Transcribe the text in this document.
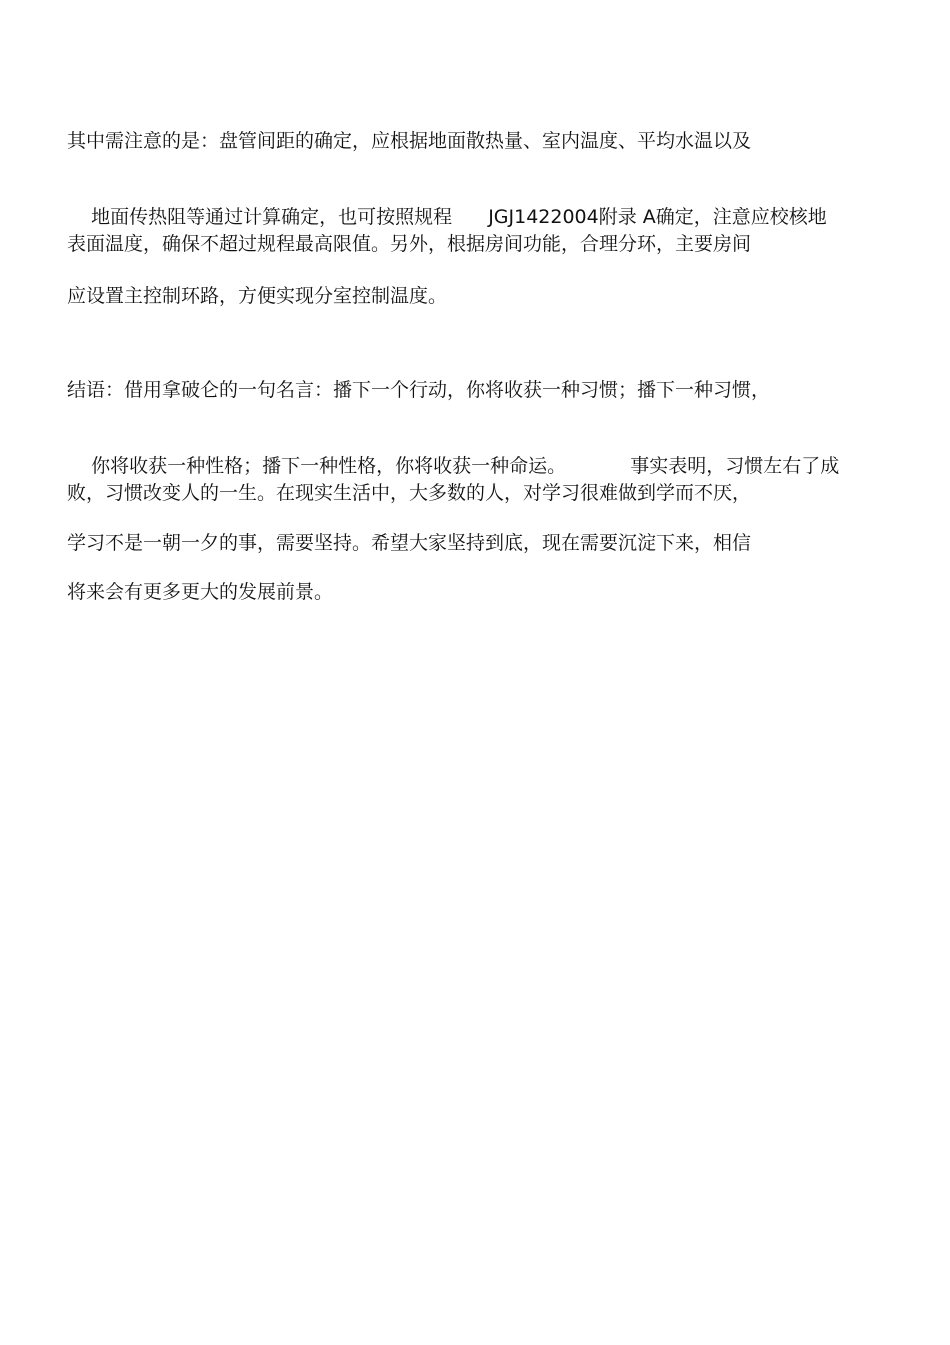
其中需注意的是：盘管间距的确定，应根据地面散热量、室内温度、平均水温以及

地面传热阻等通过计算确定，也可按照规程 JGJ1422004附录 A确定，注意应校核地

表面温度，确保不超过规程最高限值。另外，根据房间功能，合理分环，主要房间
应设置主控制环路，方便实现分室控制温度。
结语：借用拿破仑的一句名言：播下一个行动，你将收获一种习惯；播下一种习惯，

你将收获一种性格；播下一种性格，你将收获一种命运。	事实表明，习惯左右了成

败，习惯改变人的一生。在现实生活中，大多数的人，对学习很难做到学而不厌，
学习不是一朝一夕的事，需要坚持。希望大家坚持到底，现在需要沉淀下来，相信
将来会有更多更大的发展前景。
